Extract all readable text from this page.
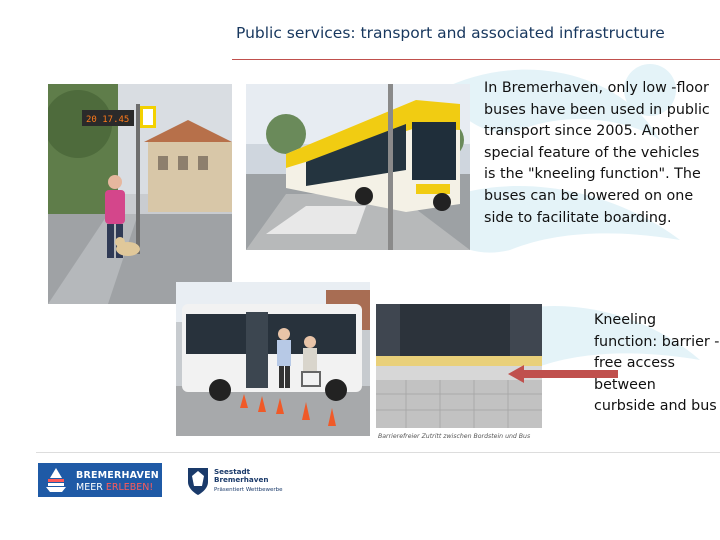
Public services: transport and associated infrastructure
20 17.45
Barrierefreier Zutritt zwischen Bordstein und Bus
In Bremerhaven, only low -floor buses have been used in public transport since 2005. Another special feature of the vehicles is the "kneeling function". The buses can be lowered on one side to facilitate boarding.
Kneeling function: barrier -free access between curbside and bus
BREMERHAVEN
MEER ERLEBEN!
Seestadt
Bremerhaven
Präsentiert Wettbewerbe
